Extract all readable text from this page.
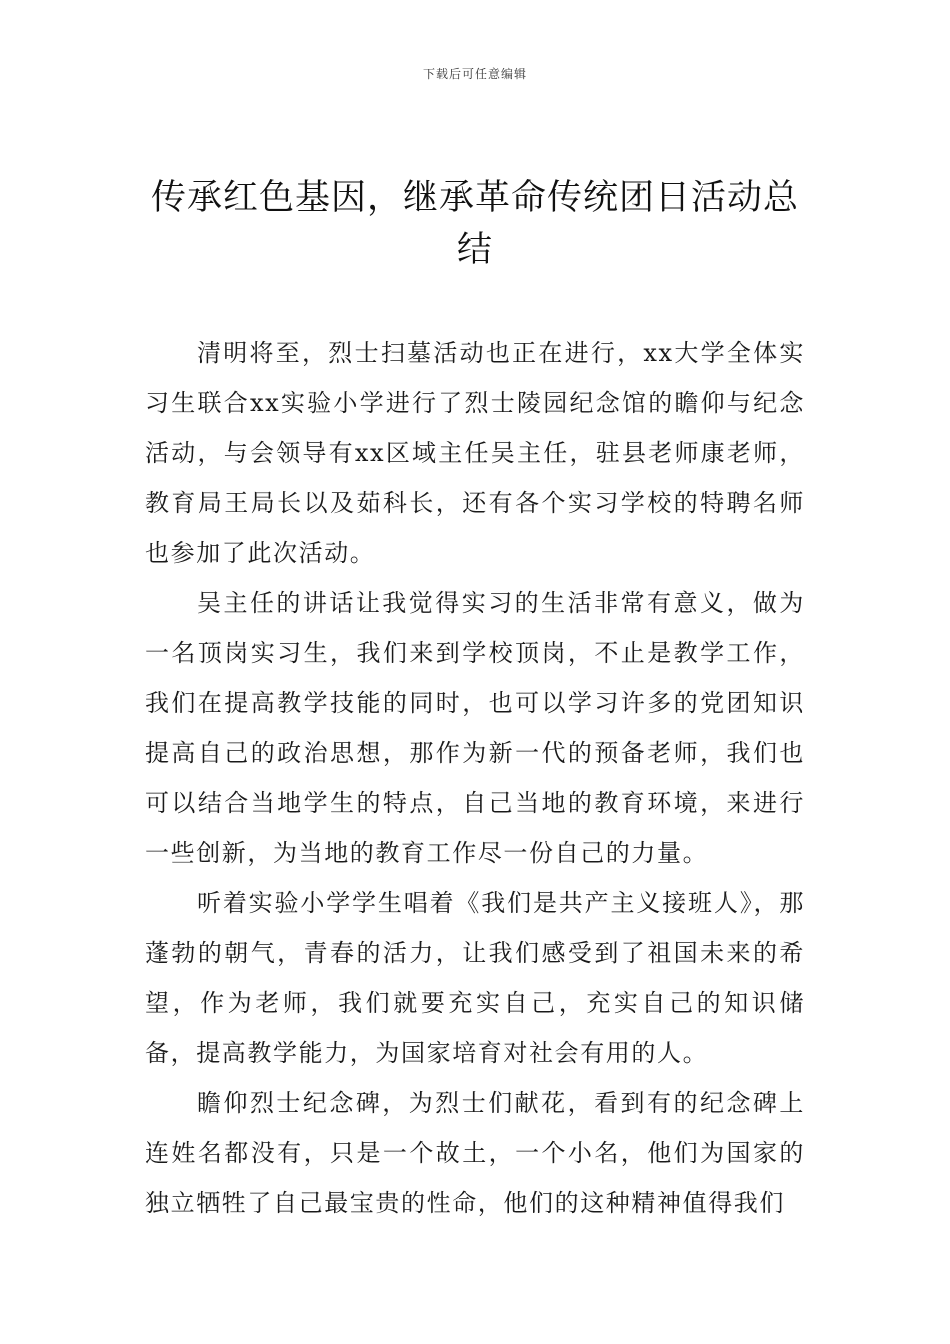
下载后可任意编辑
传承红色基因，继承革命传统团日活动总结

清明将至，烈士扫墓活动也正在进行，xx大学全体实习生联合xx实验小学进行了烈士陵园纪念馆的瞻仰与纪念活动，与会领导有xx区域主任吴主任，驻县老师康老师，教育局王局长以及茹科长，还有各个实习学校的特聘名师也参加了此次活动。

吴主任的讲话让我觉得实习的生活非常有意义，做为一名顶岗实习生，我们来到学校顶岗，不止是教学工作，我们在提高教学技能的同时，也可以学习许多的党团知识提高自己的政治思想，那作为新一代的预备老师，我们也可以结合当地学生的特点，自己当地的教育环境，来进行一些创新，为当地的教育工作尽一份自己的力量。

听着实验小学学生唱着《我们是共产主义接班人》，那蓬勃的朝气，青春的活力，让我们感受到了祖国未来的希望，作为老师，我们就要充实自己，充实自己的知识储备，提高教学能力，为国家培育对社会有用的人。

瞻仰烈士纪念碑，为烈士们献花，看到有的纪念碑上连姓名都没有，只是一个故土，一个小名，他们为国家的独立牺牲了自己最宝贵的性命，他们的这种精神值得我们
